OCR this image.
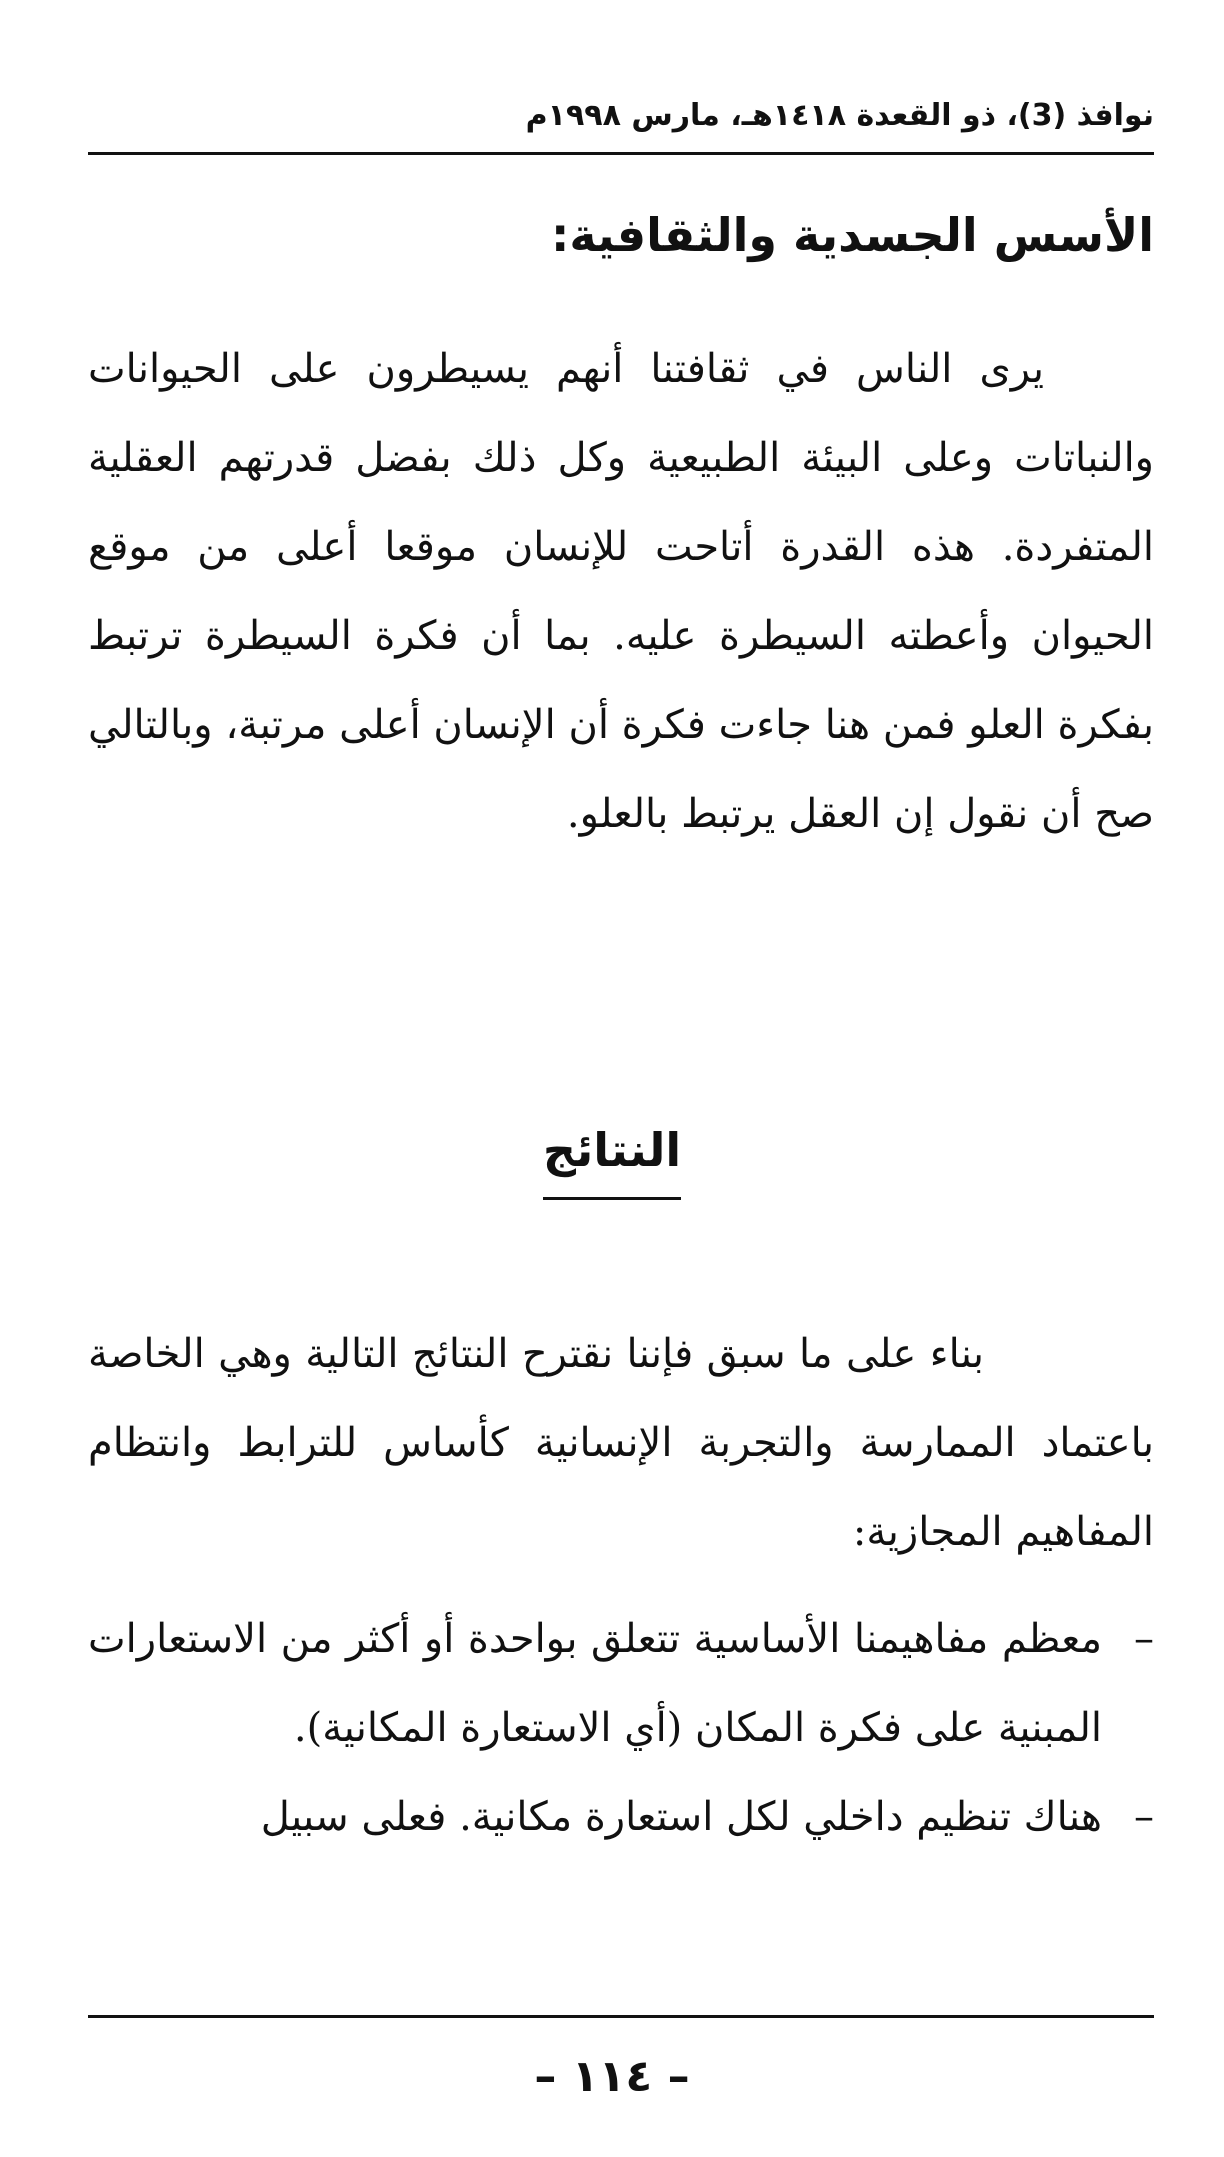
نوافذ (3)، ذو القعدة ١٤١٨هـ، مارس ١٩٩٨م
الأسس الجسدية والثقافية:

يرى الناس في ثقافتنا أنهم يسيطرون على الحيوانات والنباتات وعلى البيئة الطبيعية وكل ذلك بفضل قدرتهم العقلية المتفردة. هذه القدرة أتاحت للإنسان موقعا أعلى من موقع الحيوان وأعطته السيطرة عليه. بما أن فكرة السيطرة ترتبط بفكرة العلو فمن هنا جاءت فكرة أن الإنسان أعلى مرتبة، وبالتالي صح أن نقول إن العقل يرتبط بالعلو.

النتائج

بناء على ما سبق فإننا نقترح النتائج التالية وهي الخاصة باعتماد الممارسة والتجربة الإنسانية كأساس للترابط وانتظام المفاهيم المجازية:

–
معظم مفاهيمنا الأساسية تتعلق بواحدة أو أكثر من الاستعارات المبنية على فكرة المكان (أي الاستعارة المكانية).
–
هناك تنظيم داخلي لكل استعارة مكانية. فعلى سبيل
– ١١٤ –
